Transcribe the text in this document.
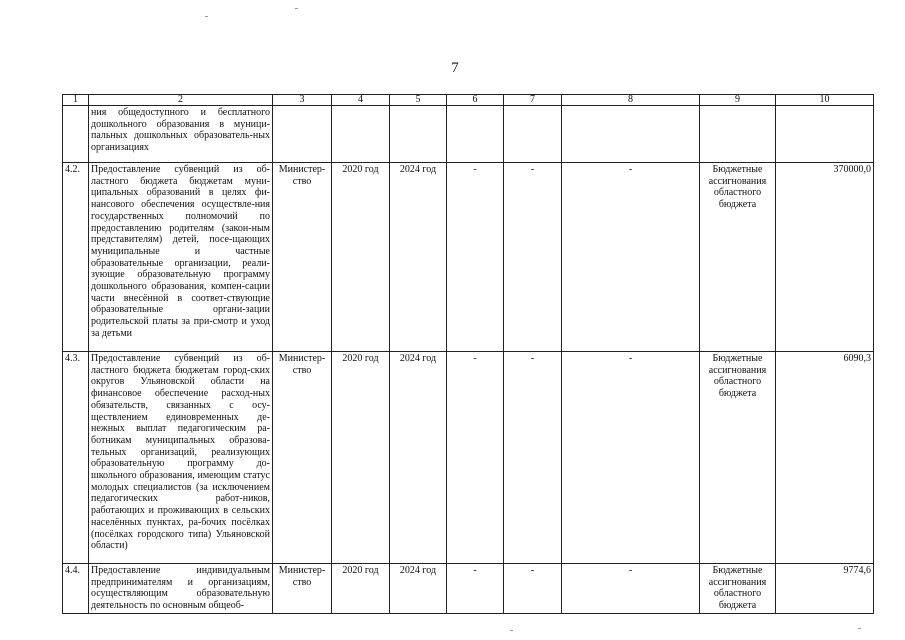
7
1	2	3	4	5	6	7	8	9	10
	ния общедоступного и бесплатного дошкольного образования в муници-пальных дошкольных образователь-ных организациях								
4.2.	Предоставление субвенций из об-ластного бюджета бюджетам муни-ципальных образований в целях фи-нансового обеспечения осуществле-ния государственных полномочий по предоставлению родителям (закон-ным представителям) детей, посе-щающих муниципальные и частные образовательные организации, реали-зующие образовательную программу дошкольного образования, компен-сации части внесённой в соответ-ствующие образовательные органи-зации родительской платы за при-смотр и уход за детьми	Министер-ство	2020 год	2024 год	-	-	-	Бюджетные ассигнования областного бюджета	370000,0
4.3.	Предоставление субвенций из об-ластного бюджета бюджетам город-ских округов Ульяновской области на финансовое обеспечение расход-ных обязательств, связанных с осу-ществлением единовременных де-нежных выплат педагогическим ра-ботникам муниципальных образова-тельных организаций, реализующих образовательную программу до-школьного образования, имеющим статус молодых специалистов (за исключением педагогических работ-ников, работающих и проживающих в сельских населённых пунктах, ра-бочих посёлках (посёлках городского типа) Ульяновской области)	Министер-ство	2020 год	2024 год	-	-	-	Бюджетные ассигнования областного бюджета	6090,3
4.4.	Предоставление индивидуальным предпринимателям и организациям, осуществляющим образовательную деятельность по основным общеоб-	Министер-ство	2020 год	2024 год	-	-	-	Бюджетные ассигнования областного бюджета	9774,6
